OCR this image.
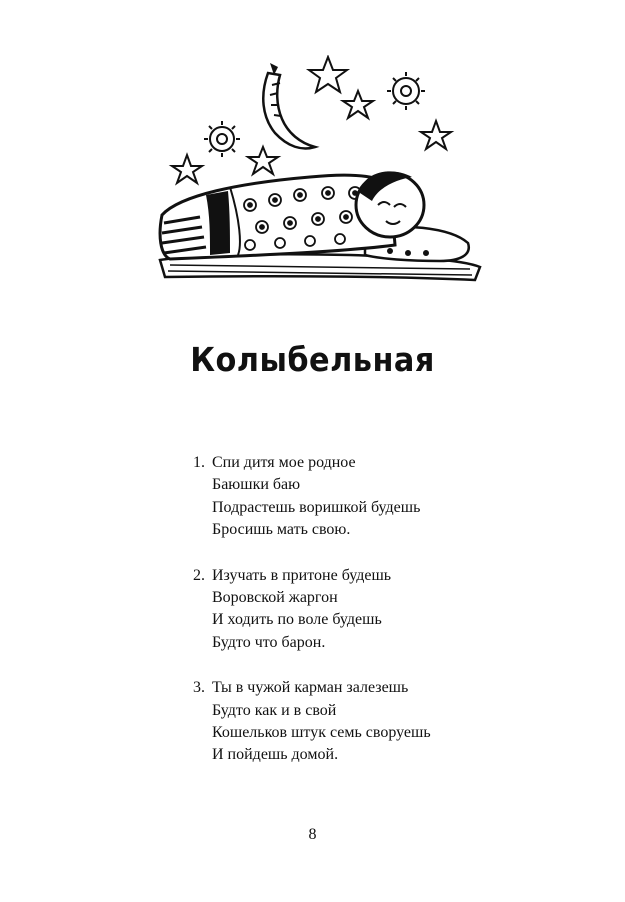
Колыбельная
1. Спи дитя мое родное
Баюшки баю
Подрастешь воришкой будешь
Бросишь мать свою.
2. Изучать в притоне будешь
Воровской жаргон
И ходить по воле будешь
Будто что барон.
3. Ты в чужой карман залезешь
Будто как и в свой
Кошельков штук семь своруешь
И пойдешь домой.
8
